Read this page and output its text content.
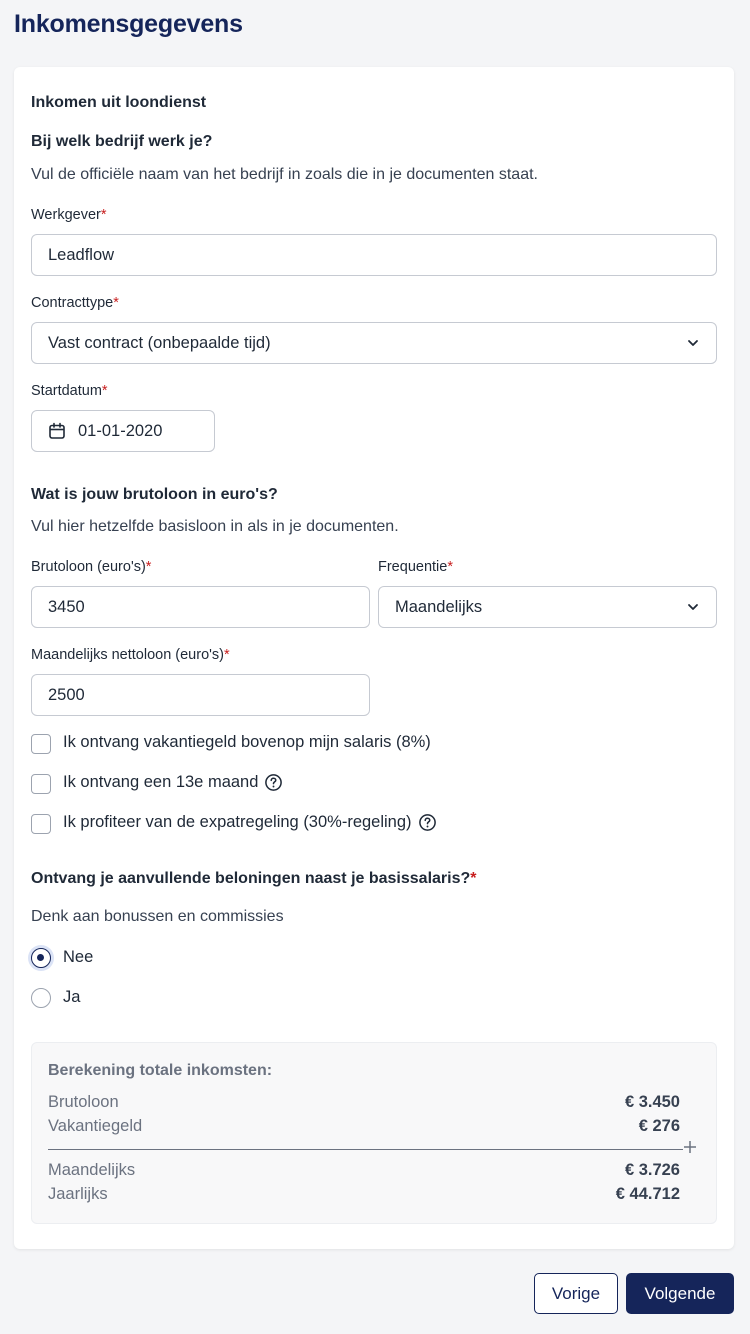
Inkomensgegevens
Inkomen uit loondienst
Bij welk bedrijf werk je?
Vul de officiële naam van het bedrijf in zoals die in je documenten staat.
Werkgever*
Leadflow
Contracttype*
Vast contract (onbepaalde tijd)
Startdatum*
01-01-2020
Wat is jouw brutoloon in euro's?
Vul hier hetzelfde basisloon in als in je documenten.
Brutoloon (euro's)*
3450
Frequentie*
Maandelijks
Maandelijks nettoloon (euro's)*
2500
Ik ontvang vakantiegeld bovenop mijn salaris (8%)
Ik ontvang een 13e maand
Ik profiteer van de expatregeling (30%-regeling)
Ontvang je aanvullende beloningen naast je basissalaris?*
Denk aan bonussen en commissies
Nee
Ja
Berekening totale inkomsten:
Brutoloon	€ 3.450
Vakantiegeld	€ 276
Maandelijks	€ 3.726
Jaarlijks	€ 44.712
Vorige	Volgende
